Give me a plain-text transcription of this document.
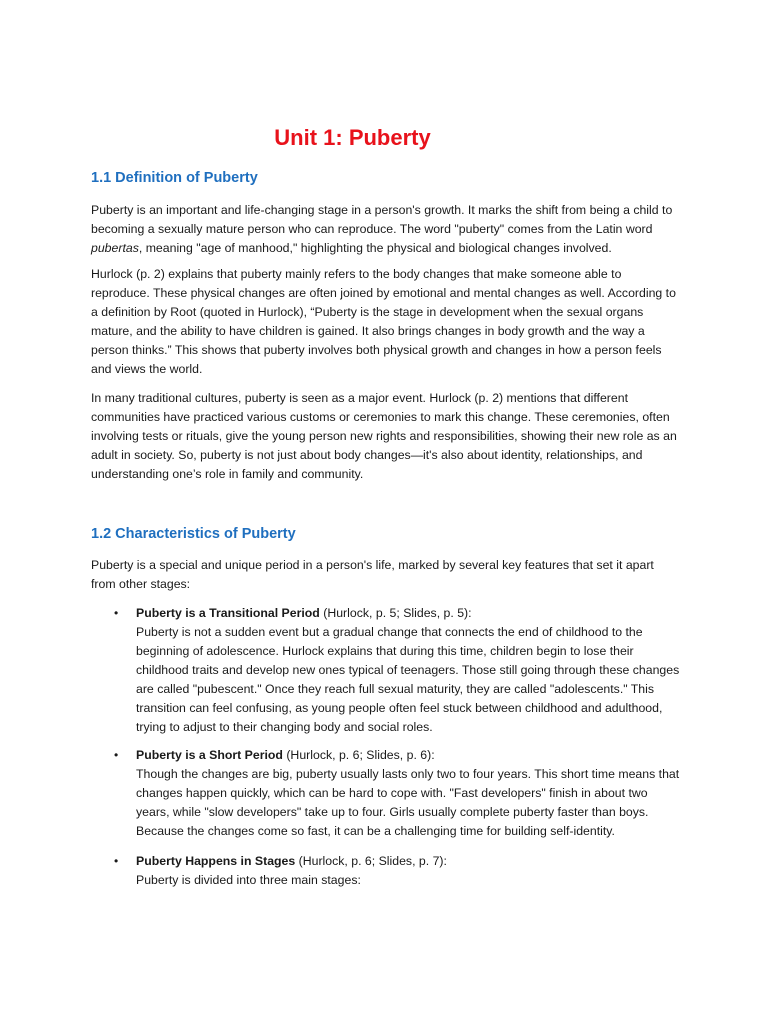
Unit 1: Puberty
1.1 Definition of Puberty

Puberty is an important and life-changing stage in a person's growth. It marks the shift from being a child to becoming a sexually mature person who can reproduce. The word "puberty" comes from the Latin word pubertas, meaning "age of manhood," highlighting the physical and biological changes involved.

Hurlock (p. 2) explains that puberty mainly refers to the body changes that make someone able to reproduce. These physical changes are often joined by emotional and mental changes as well. According to a definition by Root (quoted in Hurlock), “Puberty is the stage in development when the sexual organs mature, and the ability to have children is gained. It also brings changes in body growth and the way a person thinks.” This shows that puberty involves both physical growth and changes in how a person feels and views the world.

In many traditional cultures, puberty is seen as a major event. Hurlock (p. 2) mentions that different communities have practiced various customs or ceremonies to mark this change. These ceremonies, often involving tests or rituals, give the young person new rights and responsibilities, showing their new role as an adult in society. So, puberty is not just about body changes—it's also about identity, relationships, and understanding one’s role in family and community.

1.2 Characteristics of Puberty

Puberty is a special and unique period in a person's life, marked by several key features that set it apart from other stages:

• Puberty is a Transitional Period (Hurlock, p. 5; Slides, p. 5):
Puberty is not a sudden event but a gradual change that connects the end of childhood to the beginning of adolescence. Hurlock explains that during this time, children begin to lose their childhood traits and develop new ones typical of teenagers. Those still going through these changes are called "pubescent." Once they reach full sexual maturity, they are called "adolescents." This transition can feel confusing, as young people often feel stuck between childhood and adulthood, trying to adjust to their changing body and social roles.
• Puberty is a Short Period (Hurlock, p. 6; Slides, p. 6):
Though the changes are big, puberty usually lasts only two to four years. This short time means that changes happen quickly, which can be hard to cope with. "Fast developers" finish in about two years, while "slow developers" take up to four. Girls usually complete puberty faster than boys. Because the changes come so fast, it can be a challenging time for building self-identity.
• Puberty Happens in Stages (Hurlock, p. 6; Slides, p. 7):
Puberty is divided into three main stages:
